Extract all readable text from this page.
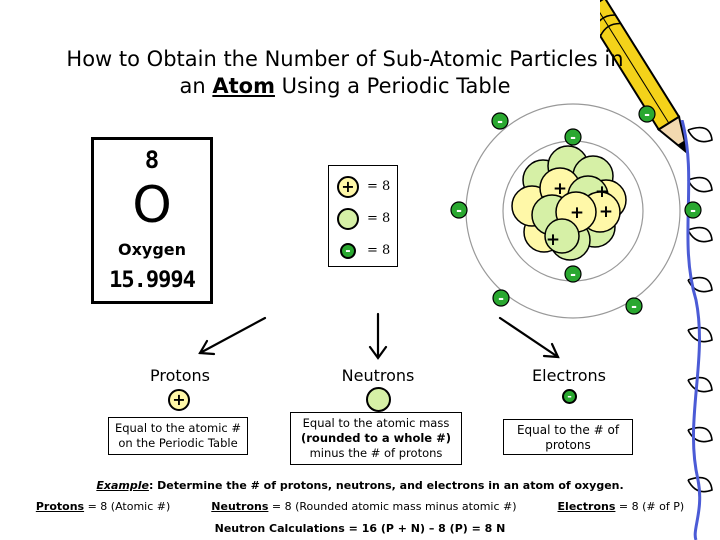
How to Obtain the Number of Sub-Atomic Particles in
an Atom Using a Periodic Table
8
O
Oxygen
15.9994
+ = 8
= 8
- = 8
+ +
+ +
+
-
-
-
-	-
-
-	-
Protons	Neutrons	Electrons
+	-
Equal to the atomic # on the Periodic Table
Equal to the atomic mass
(rounded to a whole #)
minus the # of protons
Equal to the # of protons
Example: Determine the # of protons, neutrons, and electrons in an atom of oxygen.
Protons = 8 (Atomic #)	Neutrons = 8 (Rounded atomic mass minus atomic #)	Electrons = 8 (# of P)
Neutron Calculations = 16 (P + N) – 8 (P) = 8 N
